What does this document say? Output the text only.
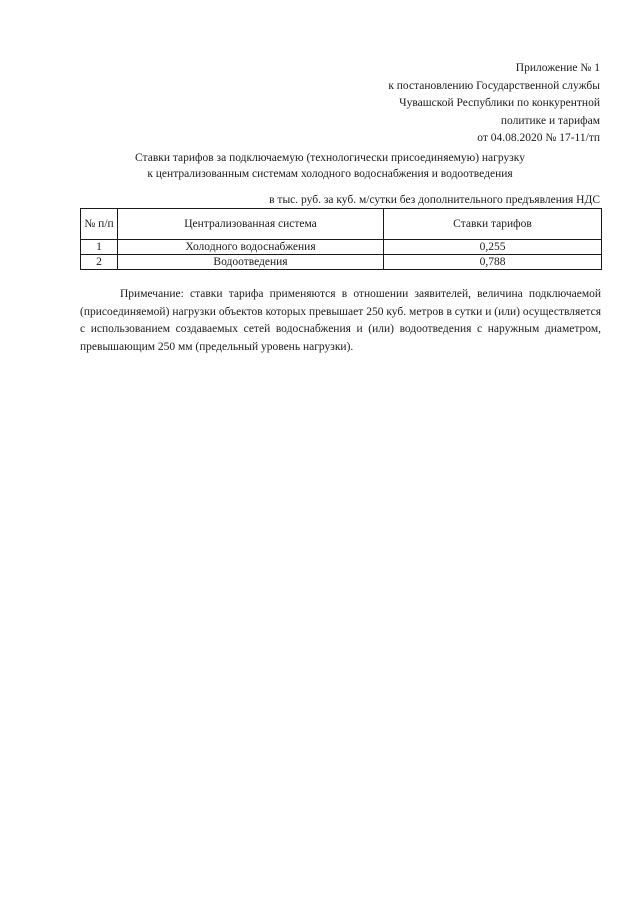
Приложение № 1
к постановлению Государственной службы
Чувашской Республики по конкурентной
политике и тарифам
от 04.08.2020 № 17-11/тп
Ставки тарифов за подключаемую (технологически присоединяемую) нагрузку
к централизованным системам холодного водоснабжения и водоотведения
в тыс. руб. за куб. м/сутки без дополнительного предъявления НДС
№ п/п	Централизованная система	Ставки тарифов
1	Холодного водоснабжения	0,255
2	Водоотведения	0,788
Примечание: ставки тарифа применяются в отношении заявителей, величина подключаемой (присоединяемой) нагрузки объектов которых превышает 250 куб. метров в сутки и (или) осуществляется с использованием создаваемых сетей водоснабжения и (или) водоотведения с наружным диаметром, превышающим 250 мм (предельный уровень нагрузки).
